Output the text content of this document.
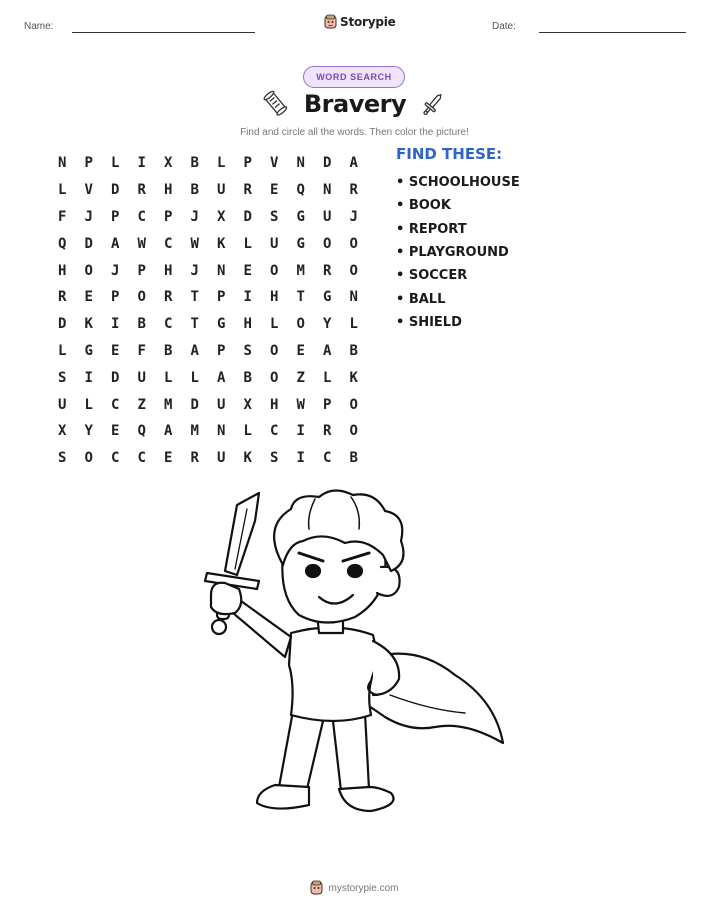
Name:	Storypie	Date:
WORD SEARCH
Bravery
Find and circle all the words. Then color the picture!
N	P	L	I	X	B	L	P	V	N	D	A
L	V	D	R	H	B	U	R	E	Q	N	R
F	J	P	C	P	J	X	D	S	G	U	J
Q	D	A	W	C	W	K	L	U	G	O	O
H	O	J	P	H	J	N	E	O	M	R	O
R	E	P	O	R	T	P	I	H	T	G	N
D	K	I	B	C	T	G	H	L	O	Y	L
L	G	E	F	B	A	P	S	O	E	A	B
S	I	D	U	L	L	A	B	O	Z	L	K
U	L	C	Z	M	D	U	X	H	W	P	O
X	Y	E	Q	A	M	N	L	C	I	R	O
S	O	C	C	E	R	U	K	S	I	C	B
FIND THESE:
• SCHOOLHOUSE
• BOOK
• REPORT
• PLAYGROUND
• SOCCER
• BALL
• SHIELD
mystorypie.com
